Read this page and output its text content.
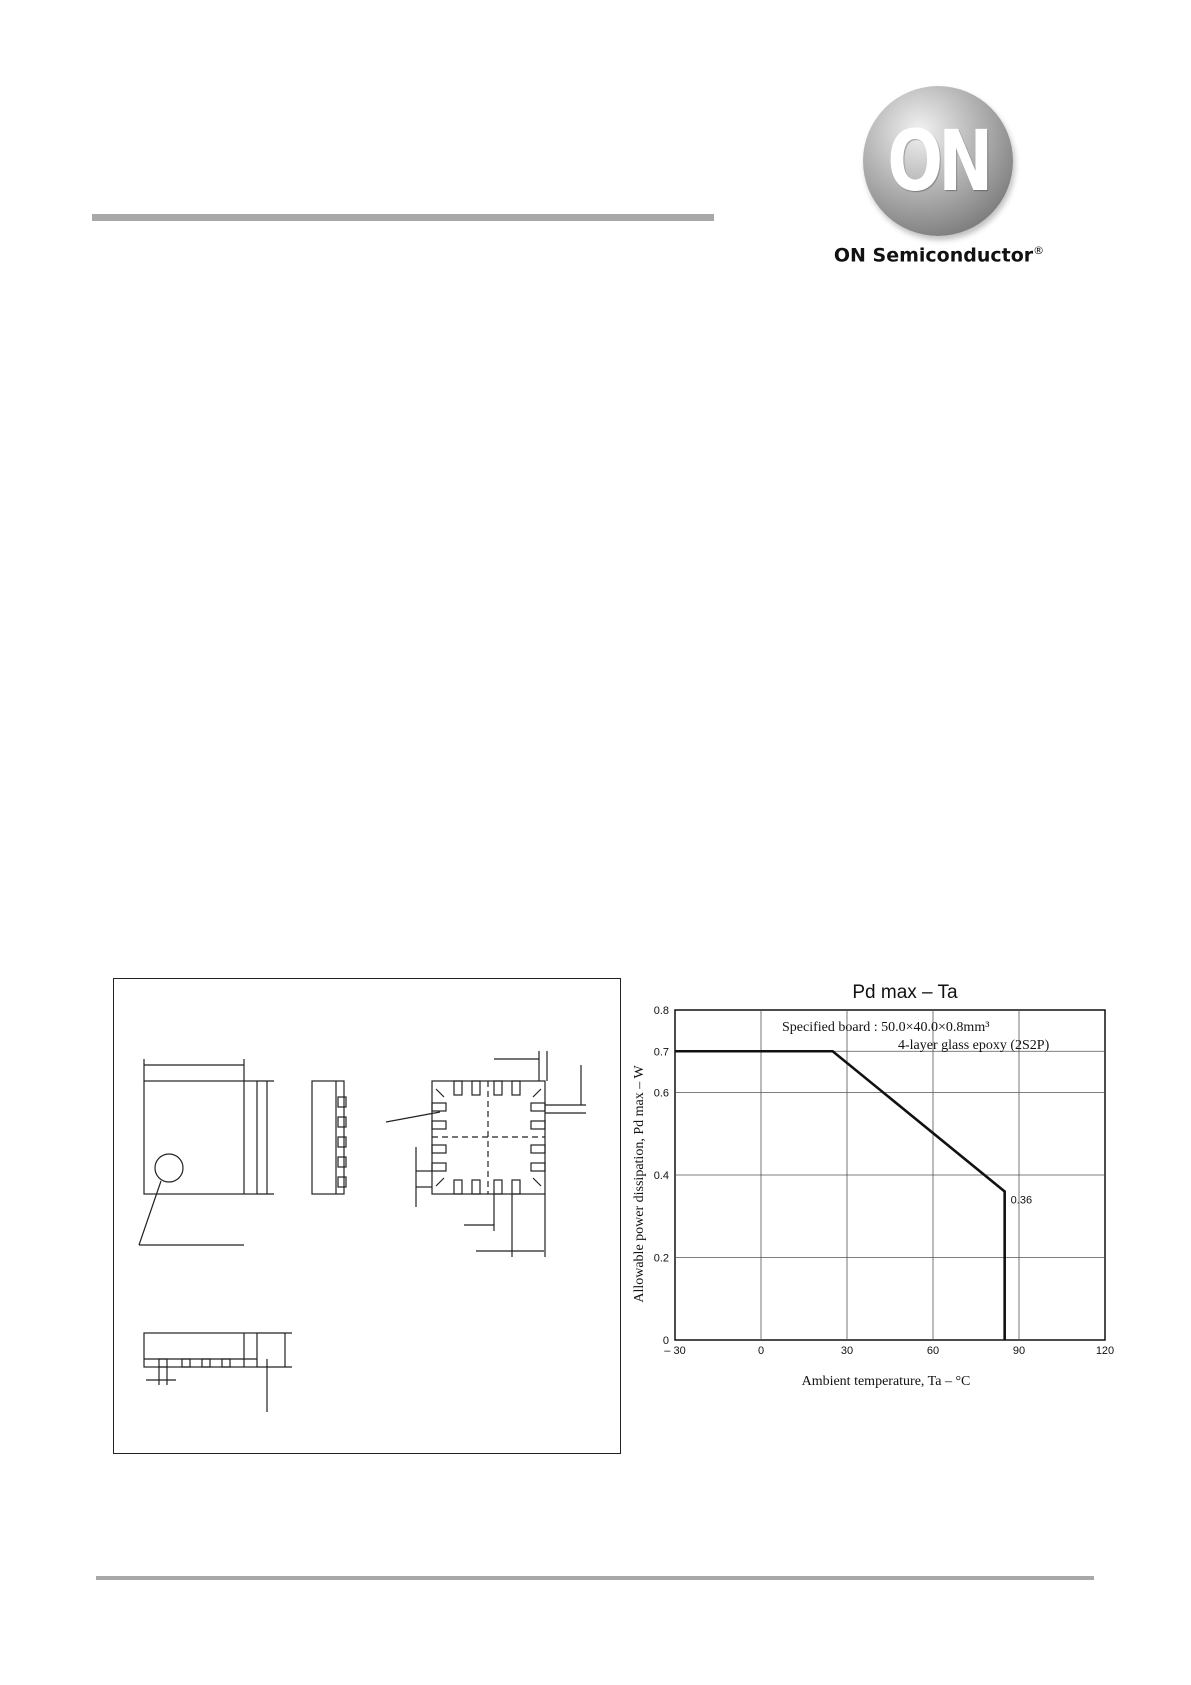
ON
ON Semiconductor®
Pd max – Ta
– 30	0	30	60	90	120
0
0.2
0.4
0.6
0.7
0.8
0.36
Specified board : 50.0×40.0×0.8mm³
4-layer glass epoxy (2S2P)
Ambient temperature, Ta – °C
Allowable power dissipation, Pd max – W
